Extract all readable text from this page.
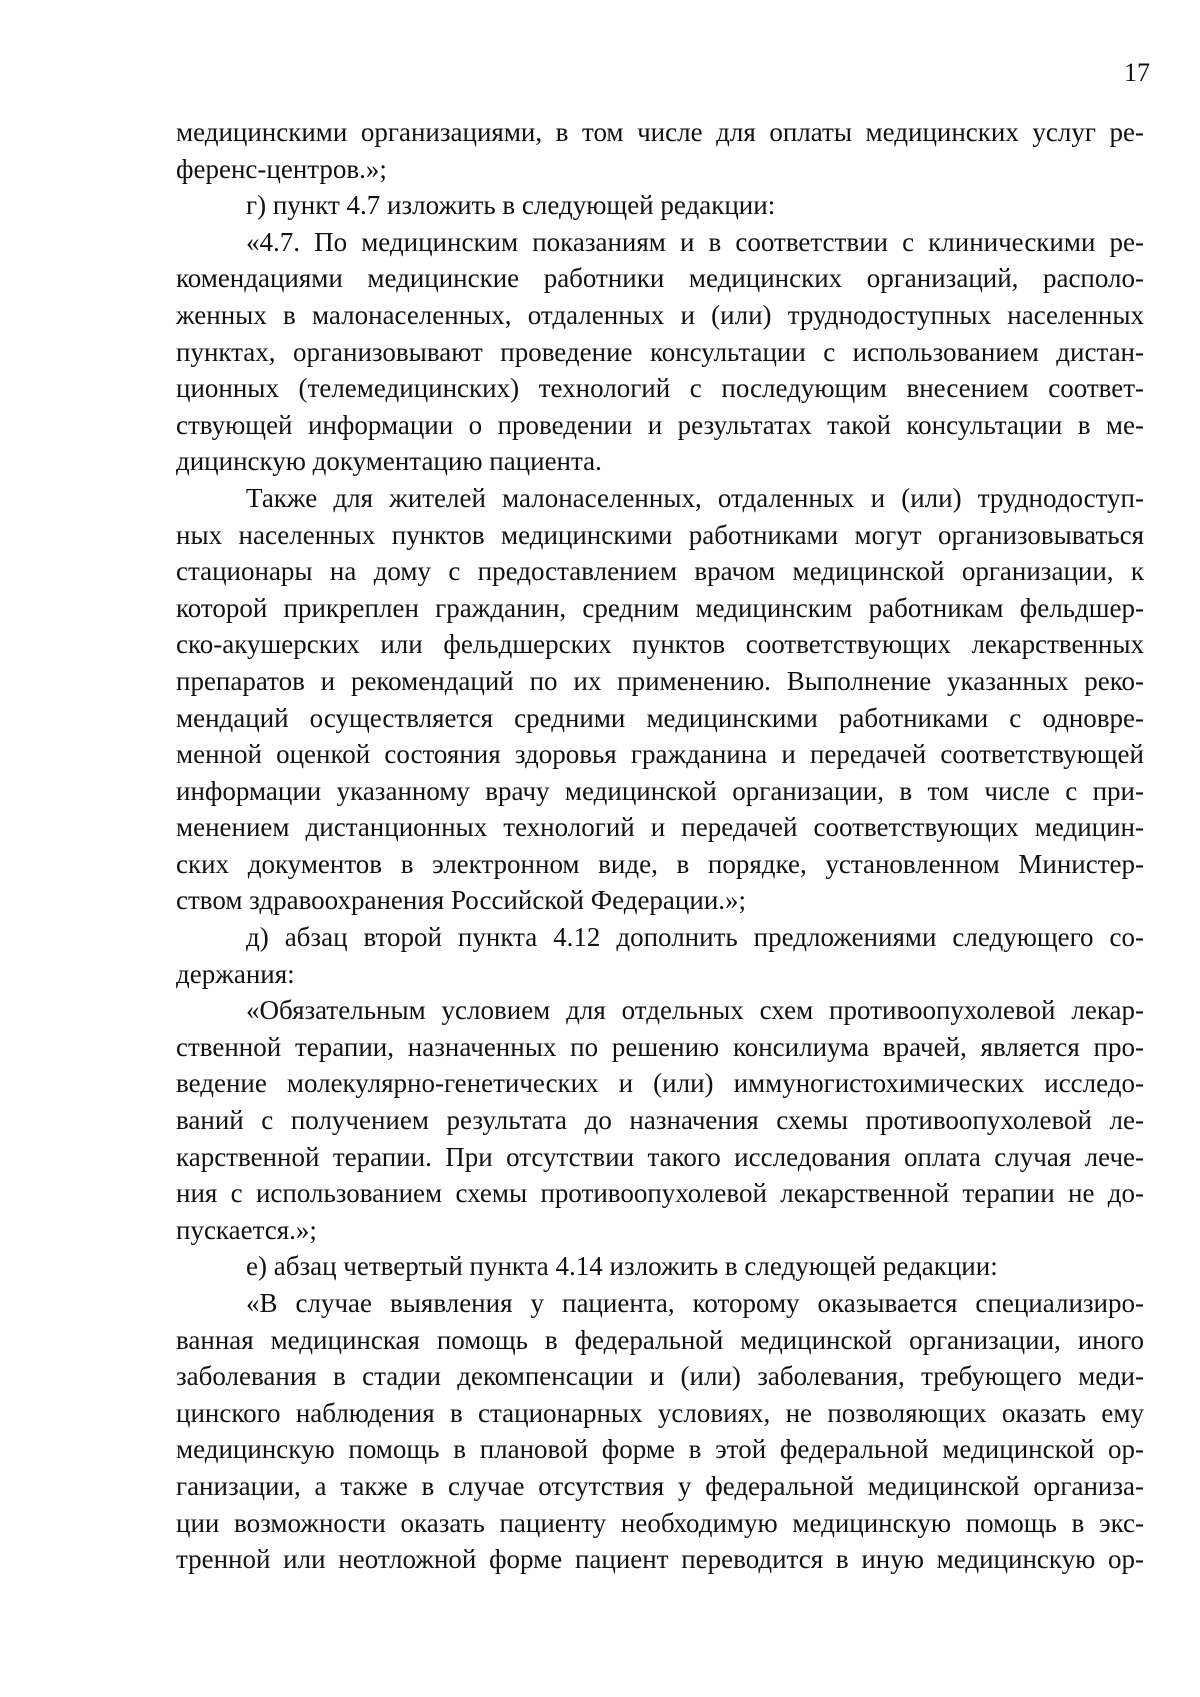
17
медицинскими организациями, в том числе для оплаты медицинских услуг ре-
ференс-центров.»;
г) пункт 4.7 изложить в следующей редакции:
«4.7. По медицинским показаниям и в соответствии с клиническими ре-
комендациями медицинские работники медицинских организаций, располо-
женных в малонаселенных, отдаленных и (или) труднодоступных населенных
пунктах, организовывают проведение консультации с использованием дистан-
ционных (телемедицинских) технологий с последующим внесением соответ-
ствующей информации о проведении и результатах такой консультации в ме-
дицинскую документацию пациента.
Также для жителей малонаселенных, отдаленных и (или) труднодоступ-
ных населенных пунктов медицинскими работниками могут организовываться
стационары на дому с предоставлением врачом медицинской организации, к
которой прикреплен гражданин, средним медицинским работникам фельдшер-
ско-акушерских или фельдшерских пунктов соответствующих лекарственных
препаратов и рекомендаций по их применению. Выполнение указанных реко-
мендаций осуществляется средними медицинскими работниками с одновре-
менной оценкой состояния здоровья гражданина и передачей соответствующей
информации указанному врачу медицинской организации, в том числе с при-
менением дистанционных технологий и передачей соответствующих медицин-
ских документов в электронном виде, в порядке, установленном Министер-
ством здравоохранения Российской Федерации.»;
д) абзац второй пункта 4.12 дополнить предложениями следующего со-
держания:
«Обязательным условием для отдельных схем противоопухолевой лекар-
ственной терапии, назначенных по решению консилиума врачей, является про-
ведение молекулярно-генетических и (или) иммуногистохимических исследо-
ваний с получением результата до назначения схемы противоопухолевой ле-
карственной терапии. При отсутствии такого исследования оплата случая лече-
ния с использованием схемы противоопухолевой лекарственной терапии не до-
пускается.»;
е) абзац четвертый пункта 4.14 изложить в следующей редакции:
«В случае выявления у пациента, которому оказывается специализиро-
ванная медицинская помощь в федеральной медицинской организации, иного
заболевания в стадии декомпенсации и (или) заболевания, требующего меди-
цинского наблюдения в стационарных условиях, не позволяющих оказать ему
медицинскую помощь в плановой форме в этой федеральной медицинской ор-
ганизации, а также в случае отсутствия у федеральной медицинской организа-
ции возможности оказать пациенту необходимую медицинскую помощь в экс-
тренной или неотложной форме пациент переводится в иную медицинскую ор-
